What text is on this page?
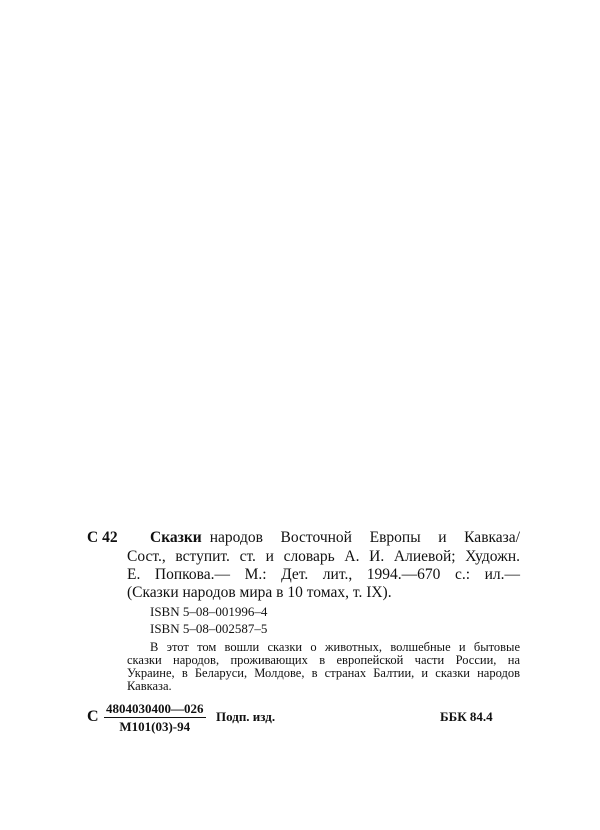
С 42 Сказки народов Восточной Европы и Кавказа/
Сост., вступит. ст. и словарь А. И. Алиевой; Художн.
Е. Попкова.— М.: Дет. лит., 1994.—670 с.: ил.—
(Сказки народов мира в 10 томах, т. IX).
ISBN 5–08–001996–4
ISBN 5–08–002587–5
В этот том вошли сказки о животных, волшебные и бытовые
сказки народов, проживающих в европейской части России, на
Украине, в Беларуси, Молдове, в странах Балтии, и сказки народов
Кавказа.
С 4804030400—026
М101(03)-94
Подп. изд.	ББК 84.4
